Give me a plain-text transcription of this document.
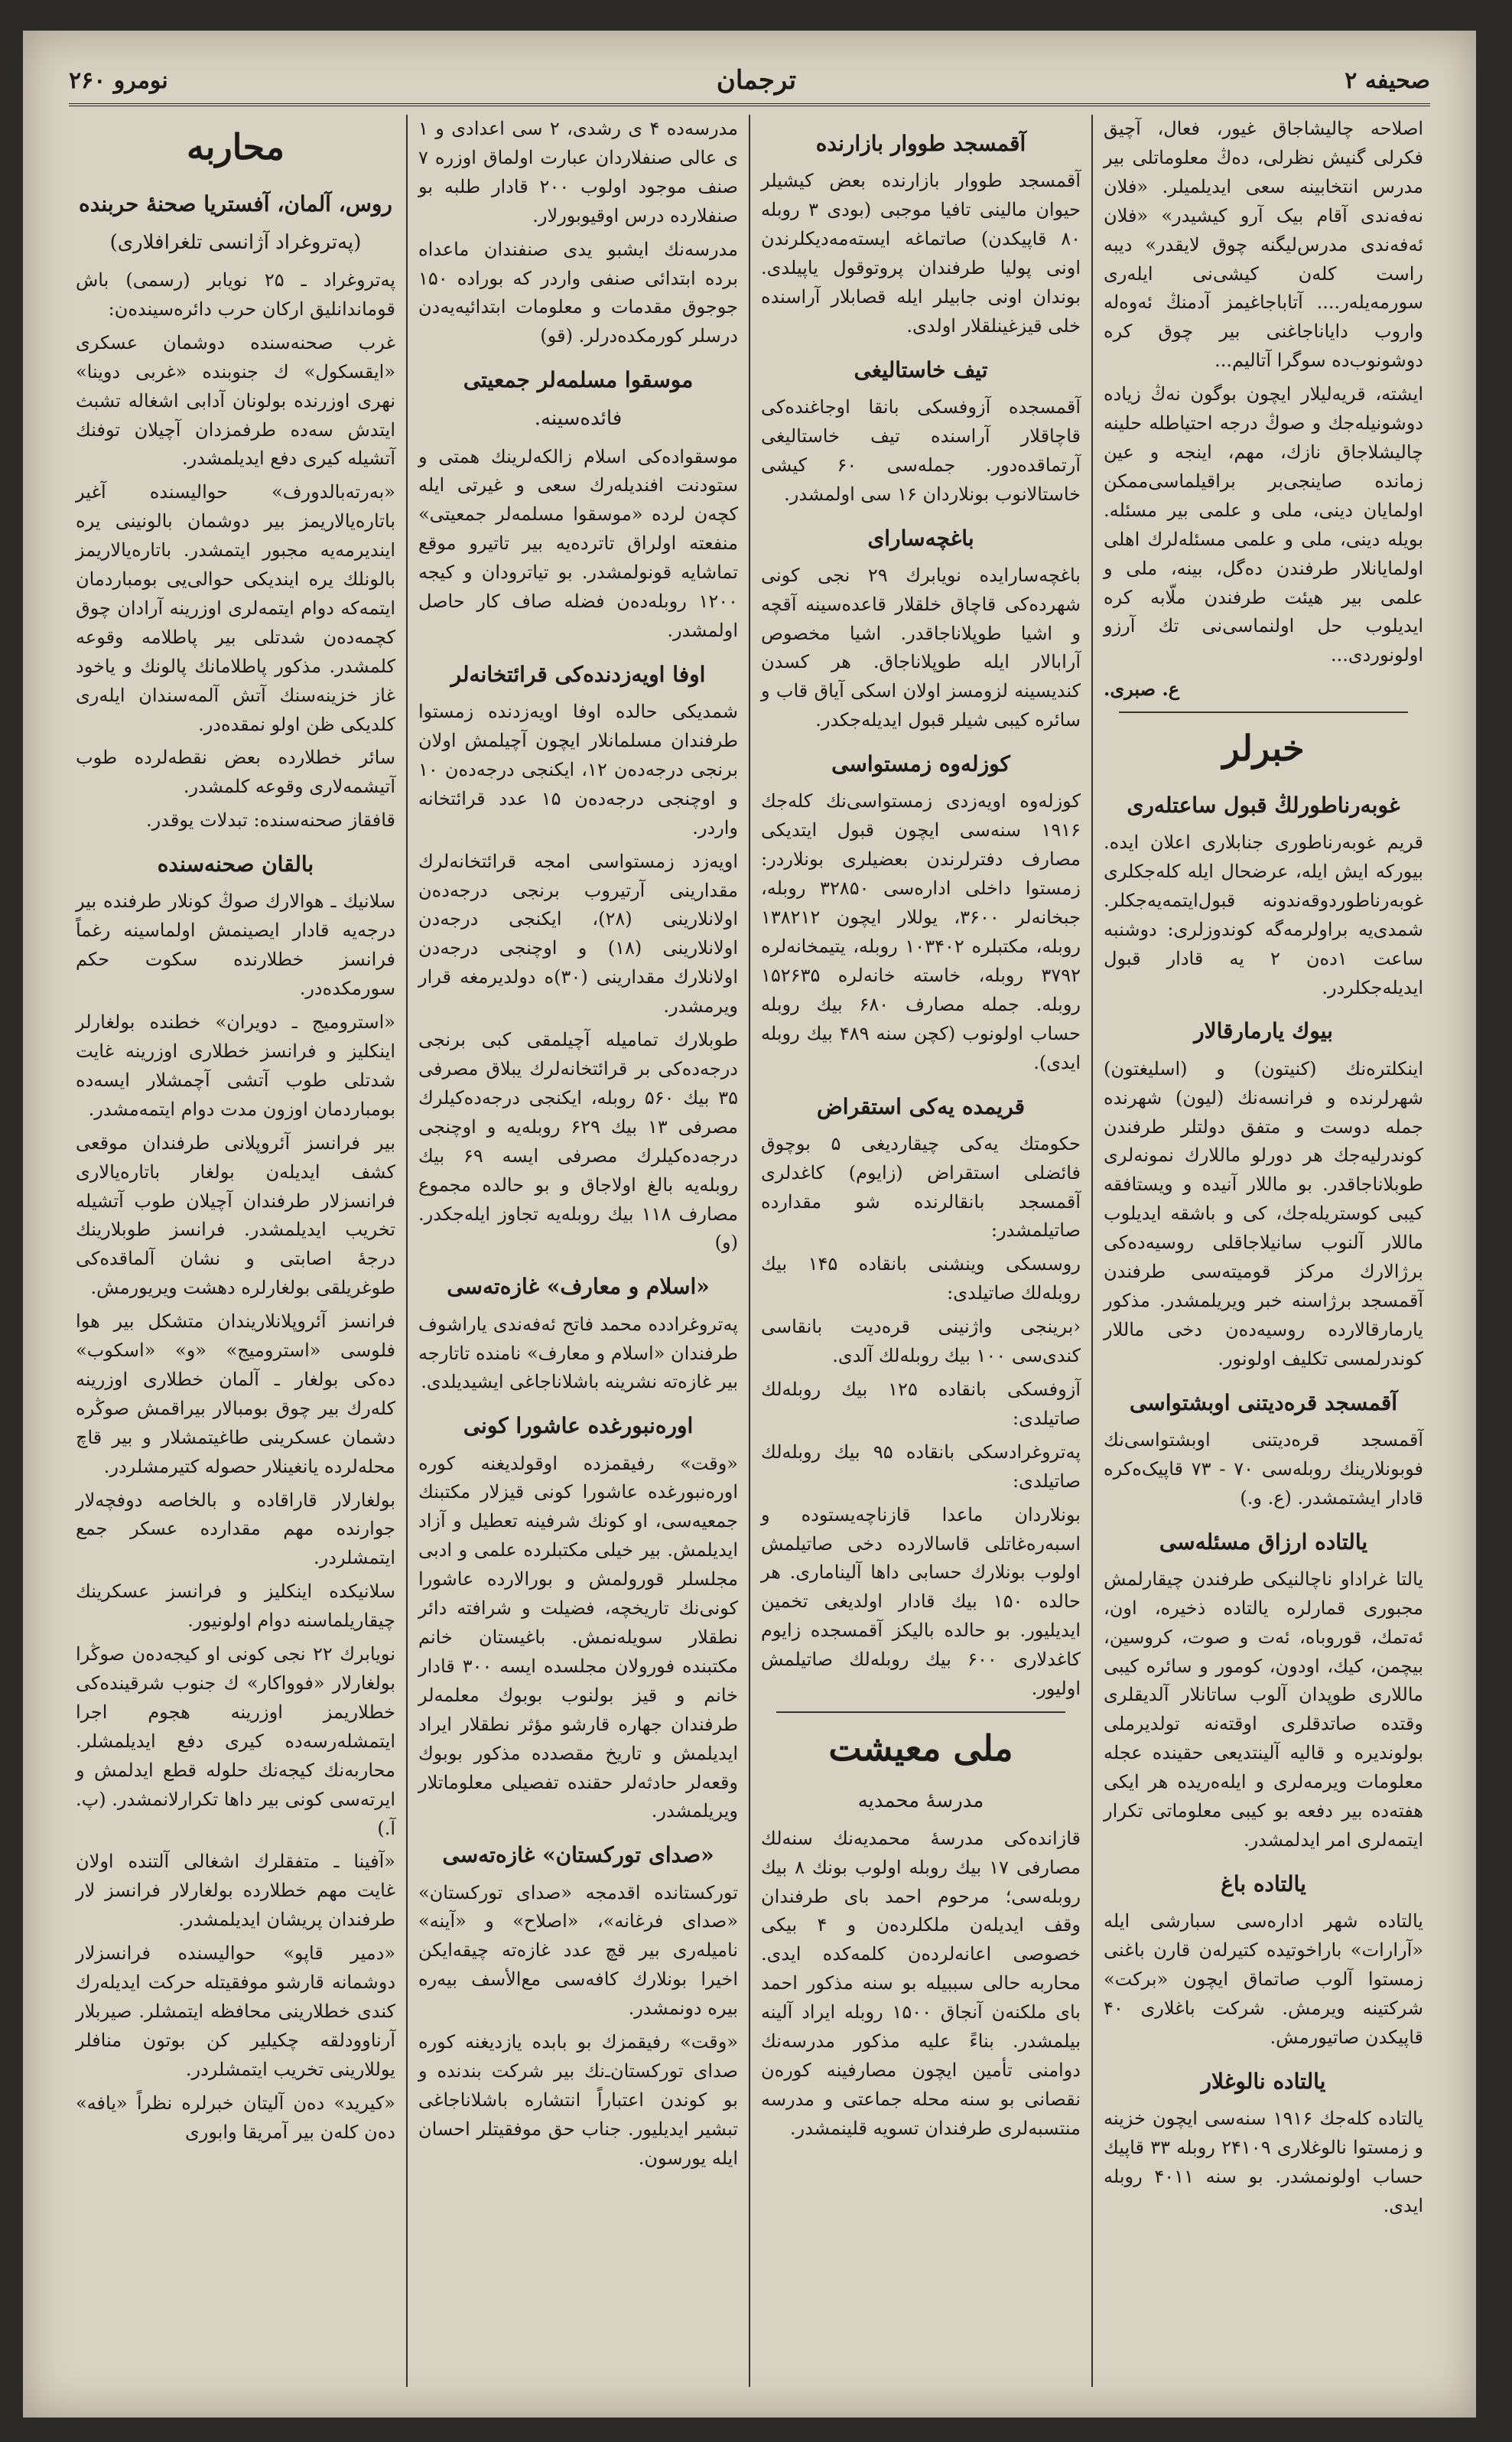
صحيفه ۲
ترجمان
نومرو ۲۶۰

اصلاحه چالیشاجاق غیور، فعال، آچیق فکرلی گنیش نظرلی، دەڭ معلوماتلی بیر مدرس انتخابینه سعی ایدیلمیلر. «فلان نەفەندی آقام بیک آرو کیشیدر» «فلان ئەفەندی مدرس‌لیگنه چوق لایقدر» دیبه راست کلەن کیشی‌نی ایلەری سورمەیلەر.... آتاباجاغیمز آدمنڭ ئەوەلە واروب دایانا‌جاغنی بیر چوق کره دوشونوب‌ده سوگرا آتالیم...

ایشته، قریه‌لیلار ایچون بوگون نەڭ زیاده دوشونیله‌جك و صوڭ درجه احتیاطله حلینه چالیشلاجاق نازك، مهم، اینجه و عین زمانده صاینجی‌بر براقیلماسی‌ممکن اولمایان دینی، ملی و علمی بیر مسئله. بویله دینی، ملی و علمی مسئله‌لرك اهلی اولمایانلار طرفندن ده‌گل، بینه، ملی و علمی بیر هیئت طرفندن ملّابه کره ایدیلوب حل اولنماسی‌نى تك آرزو اولونوردی...

ع. صبری.
خبرلر
غوبەرناطورلڭ قبول ساعتلەری

قریم غوبه‌رناطوری جنابلاری اعلان ایده. بیورکه ایش ایله، عرضحال ایله کله‌جکلری غوبه‌رناطوردوقه‌ندونه قبول‌ایتمه‌یه‌جکلر. شمدی‌یه براولرمه‌گه کوندوزلری: دوشنبه ساعت ۱دەن ۲ یه قادار قبول ایدیله‌جکلردر.

بیوك یارمارقالار

اینکلتره‌نك (کنیتون) و (اسلیغتون) شهرلرنده و فرانسه‌نك (لیون) شهرنده جمله دوست و متفق دولتلر طرفندن کوندرلیه‌جك هر دورلو ماللارك نمونه‌لری طوبلاناجاقدر. بو ماللار آنیده و ویستافقه کیبی کوستریلەجك، کی و باشقه ایدیلوب ماللار آلنوب سانیلاجاقلی روسیه‌ده‌کی برژالارك مرکز قومیته‌سی طرفندن آقمسجد برژاسنه خبر ویریلمشدر. مذکور یارمارقالارده روسیه‌ده‌ن دخی ماللار کوندرلمسی تکلیف اولونور.

آقمسجد قره‌دیتنی اوبشتواسی

آقمسجد قره‌دیتنی اوبشتواسی‌نك فوبونلارینك روبله‌سی ۷۰ - ۷۳ قاپیک‌ه‌کره قادار ایشتمشدر. (ع. و.)

یالتاده ارزاق مسئله‌سی

یالتا غراداو ناچالنیکی طرفندن چیقارلمش مجبوری قمارلره یالتاده ذخیره، اون، ئەتمك، قوروباه، ئەت و صوت، کروسین، بیچمن، کیك، اودون، کومور و سائره کیبی ماللاری طوپدان آلوب ساتانلار آلدیقلری وقتده صاتدقلری اوقته‌نه تولدیرملی بولوندیره و قالیه آلینتدیعی حقینده عجله معلومات ویرمه‌لری و ایله‌ه‌ریده هر ایکی هفته‌ده بیر دفعه بو کیبی معلوماتی تکرار ایتمه‌لری امر ایدلمشدر.

یالتاده باغ

یالتاده شهر اداره‌سی سبارشی ایله «آرارات» باراخوتیده کتیرلەن قارن باغنی زمستوا آلوب صاتماق ایچون «برکت» شرکتینه ویرمش. شرکت باغلاری ۴۰ قاپیکدن صاتیورمش.

یالتاده نالوغلار

یالتاده کله‌جك ۱۹۱۶ سنه‌سی ایچون خزینه و زمستوا نالوغلاری ۲۴۱۰۹ روبله ۳۳ قاپیك حساب اولونمشدر. بو سنه ۴۰۱۱ روبله ایدی.

آقمسجد طووار بازارنده

آقمسجد طووار بازارنده بعض کیشیلر حیوان مالینی تافیا موجبی (بودی ۳ روبله ۸۰ قاپیکدن) صاتماغه ایسته‌مەدیکلرندن اونی پولیا طرفندان پروتوقول یاپیلدی. بوندان اونی جابیلر ایله قصابلار آراسنده خلی قیزغینلقلار اولدی.

تیف خاستالیغی

آقمسجده آزوفسکی بانقا اوجاغنده‌کی قاچاقلار آراسنده تیف خاستالیغی آرتماقده‌دور. جمله‌سی ۶۰ کیشی خاستالانوب بونلاردان ۱۶ سی اولمشدر.

باغچه‌سارای

باغچه‌سارایده نویابرك ۲۹ نجی کونی شهرده‌کی قاچاق خلقلار قاعده‌سینه آقچه و اشیا طوپلاناجاقدر. اشیا مخصوص آرابالار ایله طوپلاناجاق. هر کسدن کندیسینه لزومسز اولان اسکی آیاق قاب و سائره کیبی شیلر قبول ایدیله‌جکدر.

کوزلەوه زمستواسی

کوزلەوه اویەزدی زمستواسی‌نك کله‌جك ۱۹۱۶ سنه‌سی ایچون قبول ایتدیکی مصارف دفترلرندن بعضیلری بونلاردر: زمستوا داخلی اداره‌سی ۳۲۸۵۰ روبله، جبخانه‌لر ۳۶۰۰، یوللار ایچون ۱۳۸۲۱۲ روبله، مکتبلره ۱۰۳۴۰۲ روبله، یتیمخانه‌لره ۳۷۹۲ روبله، خاسته خانه‌لره ۱۵۲۶۳۵ روبله. جمله مصارف ۶۸۰ بیك روبله حساب اولونوب (کچن سنه ۴۸۹ بیك روبله ایدی).

قریمده یه‌کی استقراض

حکومتك یه‌کی چیقاردیغی ۵ بوچوق فائضلی استقراض (زایوم) کاغدلری آقمسجد بانقالرنده شو مقدارده صاتیلمشدر:

روسسکی وینشنی بانقاده ۱۴۵ بیك روبله‌لك صاتیلدی:

‹برینجی واژنینی قره‌دیت بانقاسی کندی‌سی ۱۰۰ بیك روبله‌لك آلدی.

آزوفسکی بانقاده ۱۲۵ بیك روبله‌لك صاتیلدی:

په‌تروغرادسکی بانقاده ۹۵ بیك روبله‌لك صاتیلدی:

بونلاردان ماعدا قازناچەیستوده و اسبه‌ره‌غاتلی قاسالارده دخی صاتیلمش اولوب بونلارك حسابی داها آلیناماری. هر حالده ۱۵۰ بیك قادار اولدیغی تخمین ایدیلیور. بو حالده بالیکز آقمسجده زایوم کاغدلاری ۶۰۰ بیك روبله‌لك صاتیلمش اولیور.

ملی معیشت
مدرسهٔ محمدیه

قازانده‌کی مدرسهٔ محمدیه‌نك سنه‌لك مصارفی ۱۷ بیك روبله اولوب بونك ۸ بیك روبله‌سی؛ مرحوم احمد بای طرفندان وقف ایدیلەن ملکلرده‌ن و ۴ بیکی خصوصی اعانه‌لرده‌ن کلمەکده ایدی. محاربه حالی سببیله بو سنه مذکور احمد بای ملکنه‌ن آنجاق ۱۵۰۰ روبله ایراد آلینه بیلمشدر. بناءً علیه مذکور مدرسه‌نك دوامنی تأمین ایچون مصارفینه کوره‌ن نقصانی بو سنه محله جماعتی و مدرسه منتسبه‌لری طرفندان تسویه قلینمشدر.

مدرسه‌ده ۴ ی رشدی، ۲ سی اعدادی و ۱ ی عالی صنفلاردان عبارت اولماق اوزره ۷ صنف موجود اولوب ۲۰۰ قادار طلبه بو صنفلارده درس اوقیوبورلار.

مدرسه‌نك ایشبو یدی صنفندان ماعداه برده ابتدائی صنفی واردر که بوراده ۱۵۰ جوجوق مقدمات و معلومات ابتدائیه‌یه‌دن درسلر کورمکده‌درلر. (قو)

موسقوا مسلمه‌لر جمعیتی
فائده‌سینه.

موسقواده‌کی اسلام زالکه‌لرینك همتی و ستودنت افندیلەرك سعی و غیرتی ایله کچەن لرده «موسقوا مسلمه‌لر جمعیتی» منفعته اولراق تاترده‌یه بیر تاتیرو موقع تماشایه قونولمشدر. بو تیاترودان و کیجه ۱۲۰۰ روبله‌ده‌ن فضله صاف کار حاصل اولمشدر.

اوفا اویه‌زدنده‌کی قرائتخانه‌لر

شمدیکی حالده اوفا اویەزدنده زمستوا طرفندان مسلمانلار ایچون آچیلمش اولان برنجی درجه‌ده‌ن ۱۲، ایکنجی درجه‌ده‌ن ۱۰ و اوچنجی درجه‌ده‌ن ۱۵ عدد قرائتخانه واردر.

اویه‌زد زمستواسی امجه قرائتخانه‌لرك مقدارینی آرتیروب برنجی درجه‌ده‌ن اولانلارینی (۲۸)، ایکنجی درجه‌دن اولانلارینی (۱۸) و اوچنجی درجه‌دن اولانلارك مقدارینی (۳۰)ه دولدیرمغه قرار ویرمشدر.

طوبلارك تمامیله آچیلمقی کبی برنجی درجه‌ده‌کی بر قرائتخانه‌لرك یبلاق مصرفی ۳۵ بیك ۵۶۰ روبله، ایکنجی درجه‌ده‌کیلرك مصرفی ۱۳ بیك ۶۲۹ روبله‌یه و اوچنجی درجه‌ده‌کیلرك مصرفی ایسه ۶۹ بیك روبله‌یه بالغ اولاجاق و بو حالده مجموع مصارف ۱۱۸ بیك روبله‌یه تجاوز ایله‌جکدر. (و)

«اسلام و معارف» غازه‌ته‌سی

په‌تروغرادده محمد فاتح ئەفەندی یاراشوف طرفندان «اسلام و معارف» نامنده تاتارجه بیر غازه‌ته نشرینه باشلاناجاغی ایشیدیلدی.

اوره‌نبورغده عاشورا کونی

«وقت» رفیقمزده اوقولدیغنه کوره اوره‌نبورغده عاشورا کونی قیزلار مکتبنك جمعیه‌سی، او کونك شرفینه تعطیل و آزاد ایدیلمش. بیر خیلی مکتبلرده علمی و ادبی مجلسلر قورولمش و بورالارده عاشورا کونی‌نك تاریخچه، فضیلت و شرافته دائر نطقلار سویله‌نمش. باغیستان خانم مکتبنده فورولان مجلسده ایسه ۳۰۰ قادار خانم و قیز بولنوب بوبوك معلمه‌لر طرفندان جهاره قارشو مؤثر نطقلار ایراد ایدیلمش و تاریخ مقصدده مذکور بوبوك وقعه‌لر حادثه‌لر حقنده تفصیلی معلوماتلار ویریلمشدر.

«صدای تورکستان» غازه‌ته‌سی

تورکستانده اقدمجه «صدای تورکستان» «صدای فرغانه»، «اصلاح» و «آینه» نامیله‌ری بیر قچ عدد غازه‌ته چیقه‌ایکن اخیرا بونلارك کافه‌سی مع‌الأسف بیه‌ره بیره دونمشدر.

«وقت» رفیقمزك بو بابده یازدیغنه کوره صدای تورکستان‌ـ‌نك بیر شرکت بندنده و بو کوندن اعتباراً انتشاره باشلاناجاغی تبشیر ایدیلیور. جناب حق موفقیتلر احسان ایله یورسون.

محاربه
روس، آلمان، آفستریا صحنهٔ حربنده
(په‌تروغراد آژانسی تلغرافلاری)

په‌تروغراد ـ ۲۵ نویابر (رسمی) باش قوماندانلیق ارکان حرب دائره‌سیندەن:

غرب صحنه‌سنده دوشمان عسکری «ایقسکول» ك جنوبنده «غربی دوینا» نهری اوزرنده بولونان آدابی اشغاله تشبث ایتدش سه‌ده طرفمزدان آچیلان توفنك آتشیله کیری دفع ایدیلمشدر.

«بەرته‌بالدورف» حوالیسنده آغیر باتاره‌یالاریمز بیر دوشمان بالونینی یره ایندیرمه‌یه مجبور ایتمشدر. باتاره‌یالاریمز بالونلك یره ایندیکی حوالی‌یی بومباردمان ایتمه‌که دوام ایتمه‌لری اوزرینه آرادان چوق کچمه‌دەن شدتلی بیر پاطلامه وقوعه کلمشدر. مذکور پاطلامانك پالونك و یاخود غاز خزینه‌سنك آتش آلمه‌سندان ایلەری کلدیکی ظن اولو نمقده‌در.

سائر خطلارده بعض نقطه‌لرده طوب آتیشمه‌لاری وقوعه کلمشدر.

قافقاز صحنه‌سنده: تبدلات یوقدر.

بالقان صحنه‌سنده

سلانیك ـ هوالارك صوڭ کونلار طرفنده بیر درجه‌یه قادار ایصینمش اولماسینه رغماً فرانسز خطلارنده سکوت حکم سورمکده‌در.

«استرومیج ـ دویران» خطنده بولغارلر اینکلیز و فرانسز خطلاری اوزرینه غایت شدتلی طوب آتشی آچمشلار ایسه‌ده بومباردمان اوزون مدت دوام ایتمه‌مشدر.

بیر فرانسز آئروپلانی طرفندان موقعی کشف ایدیلەن بولغار باتاره‌یالاری فرانسزلار طرفندان آچیلان طوب آتشیله تخریب ایدیلمشدر. فرانسز طوبلارینك درجهٔ اصابتی و نشان آلماقده‌کی طوغریلقی بولغارلره دهشت ویریورمش.

فرانسز آئروپلانلاریندان متشکل بیر هوا فلوسی «استرومیج» «و» «اسکوب» ده‌کی بولغار ـ آلمان خطلاری اوزرینه کلەرك بیر چوق بومبالار بیراقمش صوڭره دشمان عسکرینی طاغیتمشلار و بیر قاچ محله‌لرده یانغینلار حصوله کتیرمشلردر.

بولغارلار قاراقاده و بالخاصه دوفچه‌لار جوارنده مهم مقدارده عسکر جمع ایتمشلردر.

سلانیكده اینکلیز و فرانسز عسکرینك چیقاریلماسنه دوام اولونیور.

نویابرك ۲۲ نجی کونی او کیجه‌ده‌ن صوڭرا بولغارلار «فوواکار» ك جنوب شرقینده‌کی خطلاریمز اوزرینه هجوم اجرا ایتمشلەرسه‌ده کیری دفع ایدیلمشلر. محاربه‌نك کیجه‌نك حلوله قطع ایدلمش و ایرته‌سی کونی بیر داها تکرارلانمشدر. (پ. آ.)

«آفینا ـ متفقلرك اشغالی آلتنده اولان غایت مهم خطلارده بولغارلار فرانسز لار طرفندان پریشان ایدیلمشدر.

«دمیر قاپو» حوالیسنده فرانسزلار دوشمانه قارشو موفقیتله حرکت ایدیلەرك کندی خطلارینی محافظه ایتمشلر. صیربلار آرناوودلقه چکیلیر کن بوتون منافلر یوللارینی تخریب ایتمشلردر.

«کیرید» ده‌ن آلیتان خبرلره نظراً «یافه» ده‌ن کلەن بیر آمریقا وابوری
